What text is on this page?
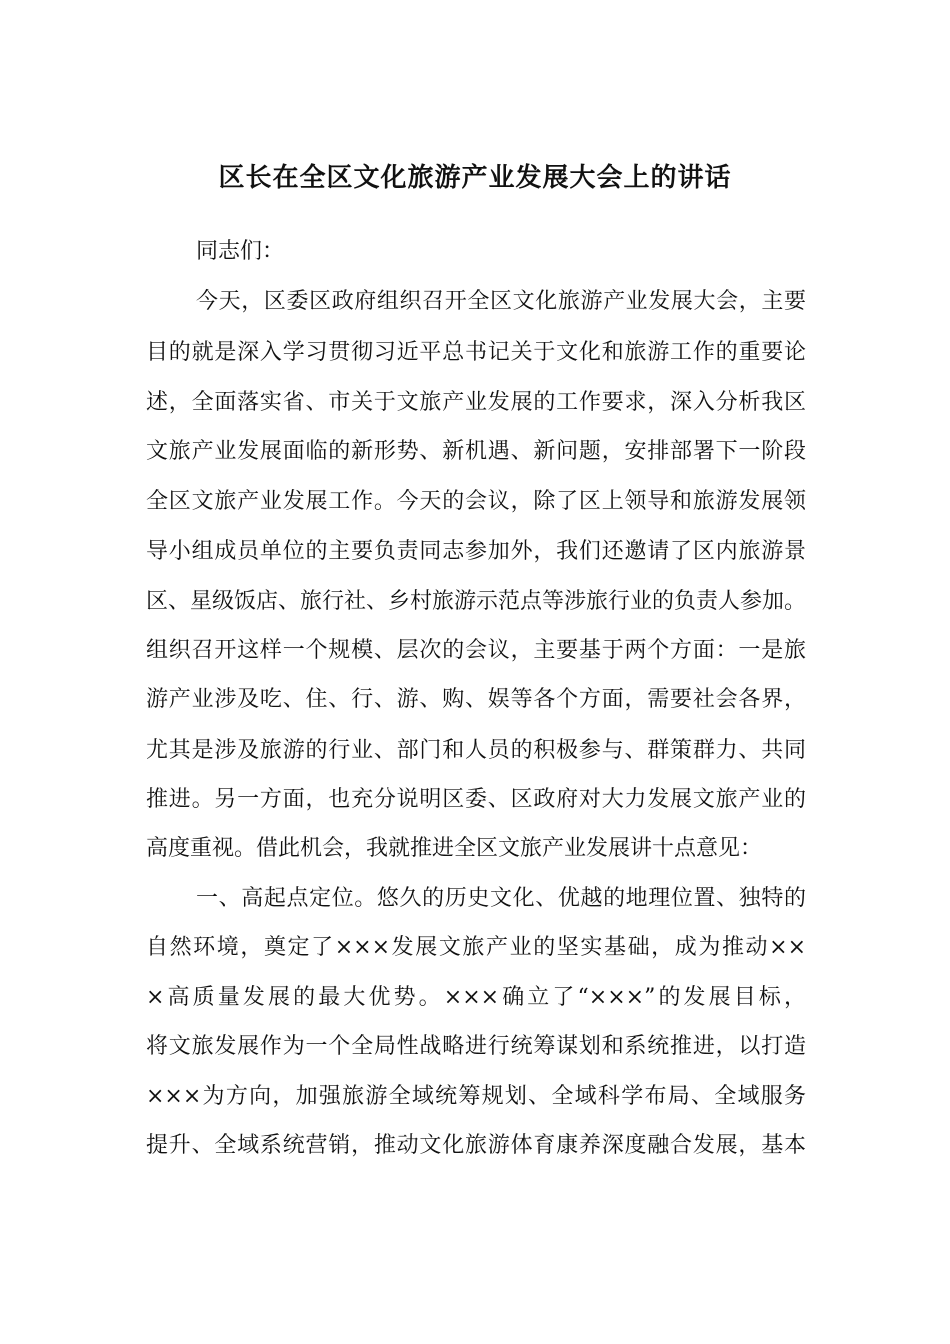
区长在全区文化旅游产业发展大会上的讲话

同志们：

今天，区委区政府组织召开全区文化旅游产业发展大会，主要

目的就是深入学习贯彻习近平总书记关于文化和旅游工作的重要论

述，全面落实省、市关于文旅产业发展的工作要求，深入分析我区

文旅产业发展面临的新形势、新机遇、新问题，安排部署下一阶段

全区文旅产业发展工作。今天的会议，除了区上领导和旅游发展领

导小组成员单位的主要负责同志参加外，我们还邀请了区内旅游景

区、星级饭店、旅行社、乡村旅游示范点等涉旅行业的负责人参加。

组织召开这样一个规模、层次的会议，主要基于两个方面：一是旅

游产业涉及吃、住、行、游、购、娱等各个方面，需要社会各界，

尤其是涉及旅游的行业、部门和人员的积极参与、群策群力、共同

推进。另一方面，也充分说明区委、区政府对大力发展文旅产业的

高度重视。借此机会，我就推进全区文旅产业发展讲十点意见：

一、高起点定位。悠久的历史文化、优越的地理位置、独特的

自然环境，奠定了×××发展文旅产业的坚实基础，成为推动××

×高质量发展的最大优势。×××确立了“×××”的发展目标，

将文旅发展作为一个全局性战略进行统筹谋划和系统推进，以打造

×××为方向，加强旅游全域统筹规划、全域科学布局、全域服务

提升、全域系统营销，推动文化旅游体育康养深度融合发展，基本
